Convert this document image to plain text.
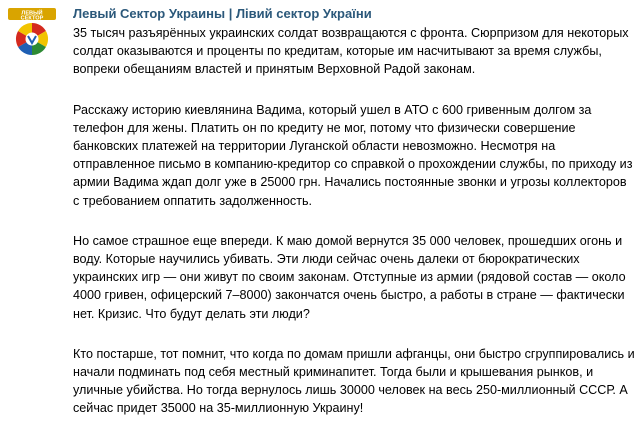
ЛЕВЫЙ
СЕКТОР Левый Сектор Украины | Лівий сектор України

35 тысяч разъярённых украинских солдат возвращаются с фронта. Сюрпризом для некоторых солдат оказываются и проценты по кредитам, которые им насчитывают за время службы, вопреки обещаниям властей и принятым Верховной Радой законам.

Расскажу историю киевлянина Вадима, который ушел в АТО с 600 гривенным долгом за телефон для жены. Платить он по кредиту не мог, потому что физически совершение банковских платежей на территории Луганской области невозможно. Несмотря на отправленное письмо в компанию-кредитор со справкой о прохождении службы, по приходу из армии Вадима ждап долг уже в 25000 грн. Начались постоянные звонки и угрозы коллекторов с требованием оппатить задолженность.

Но самое страшное еще впереди. К маю домой вернутся 35 000 человек, прошедших огонь и воду. Которые научились убивать. Эти люди сейчас очень далеки от бюрократических украинских игр — они живут по своим законам. Отступные из армии (рядовой состав — около 4000 гривен, офицерский 7–8000) закончатся очень быстро, а работы в стране — фактически нет. Кризис. Что будут делать эти люди?

Кто постарше, тот помнит, что когда по домам пришли афганцы, они быстро сгруппировались и начали подминать под себя местный криминапитет. Тогда были и крышевания рынков, и уличные убийства. Но тогда вернулось лишь 30000 человек на весь 250-миллионный СССР. А сейчас придет 35000 на 35-миллионную Украину!
